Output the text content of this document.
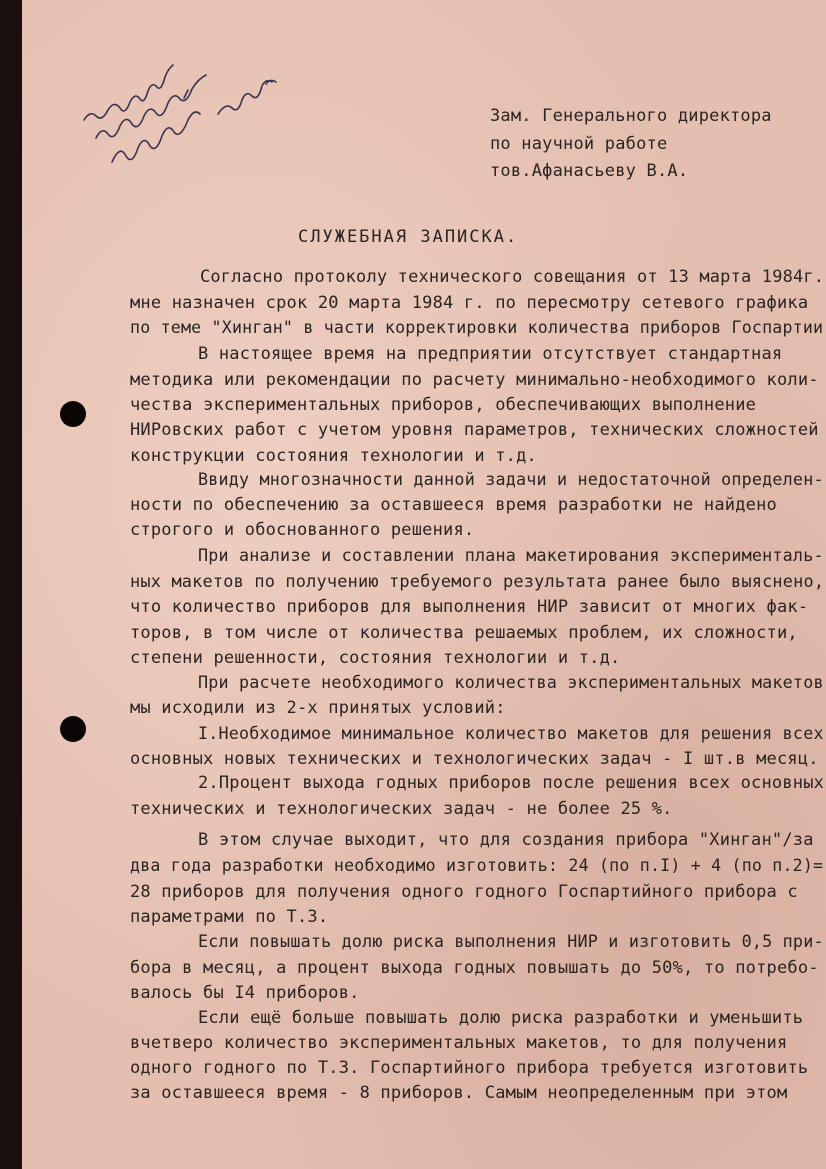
Зам. Генерального директора
по научной работе
тов.Афанасьеву В.А.
СЛУЖЕБНАЯ ЗАПИСКА.
Согласно протоколу технического совещания от 13 марта 1984г.
мне назначен срок 20 марта 1984 г. по пересмотру сетевого графика
по теме "Хинган" в части корректировки количества приборов Госпартии
В настоящее время на предприятии отсутствует стандартная
методика или рекомендации по расчету минимально-необходимого коли-
чества экспериментальных приборов, обеспечивающих выполнение
НИРовских работ с учетом уровня параметров, технических сложностей
конструкции состояния технологии и т.д.
Ввиду многозначности данной задачи и недостаточной определен-
ности по обеспечению за оставшееся время разработки не найдено
строгого и обоснованного решения.
При анализе и составлении плана макетирования эксперименталь-
ных макетов по получению требуемого результата ранее было выяснено,
что количество приборов для выполнения НИР зависит от многих фак-
торов, в том числе от количества решаемых проблем, их сложности,
степени решенности, состояния технологии и т.д.
При расчете необходимого количества экспериментальных макетов
мы исходили из 2-х принятых условий:
I.Необходимое минимальное количество макетов для решения всех
основных новых технических и технологических задач - I шт.в месяц.
2.Процент выхода годных приборов после решения всех основных
технических и технологических задач - не более 25 %.
В этом случае выходит, что для создания прибора "Хинган"/за
два года разработки необходимо изготовить: 24 (по п.I) + 4 (по п.2)=
28 приборов для получения одного годного Госпартийного прибора с
параметрами по Т.З.
Если повышать долю риска выполнения НИР и изготовить 0,5 при-
бора в месяц, а процент выхода годных повышать до 50%, то потребо-
валось бы I4 приборов.
Если ещё больше повышать долю риска разработки и уменьшить
вчетверо количество экспериментальных макетов, то для получения
одного годного по Т.З. Госпартийного прибора требуется изготовить
за оставшееся время - 8 приборов. Самым неопределенным при этом
